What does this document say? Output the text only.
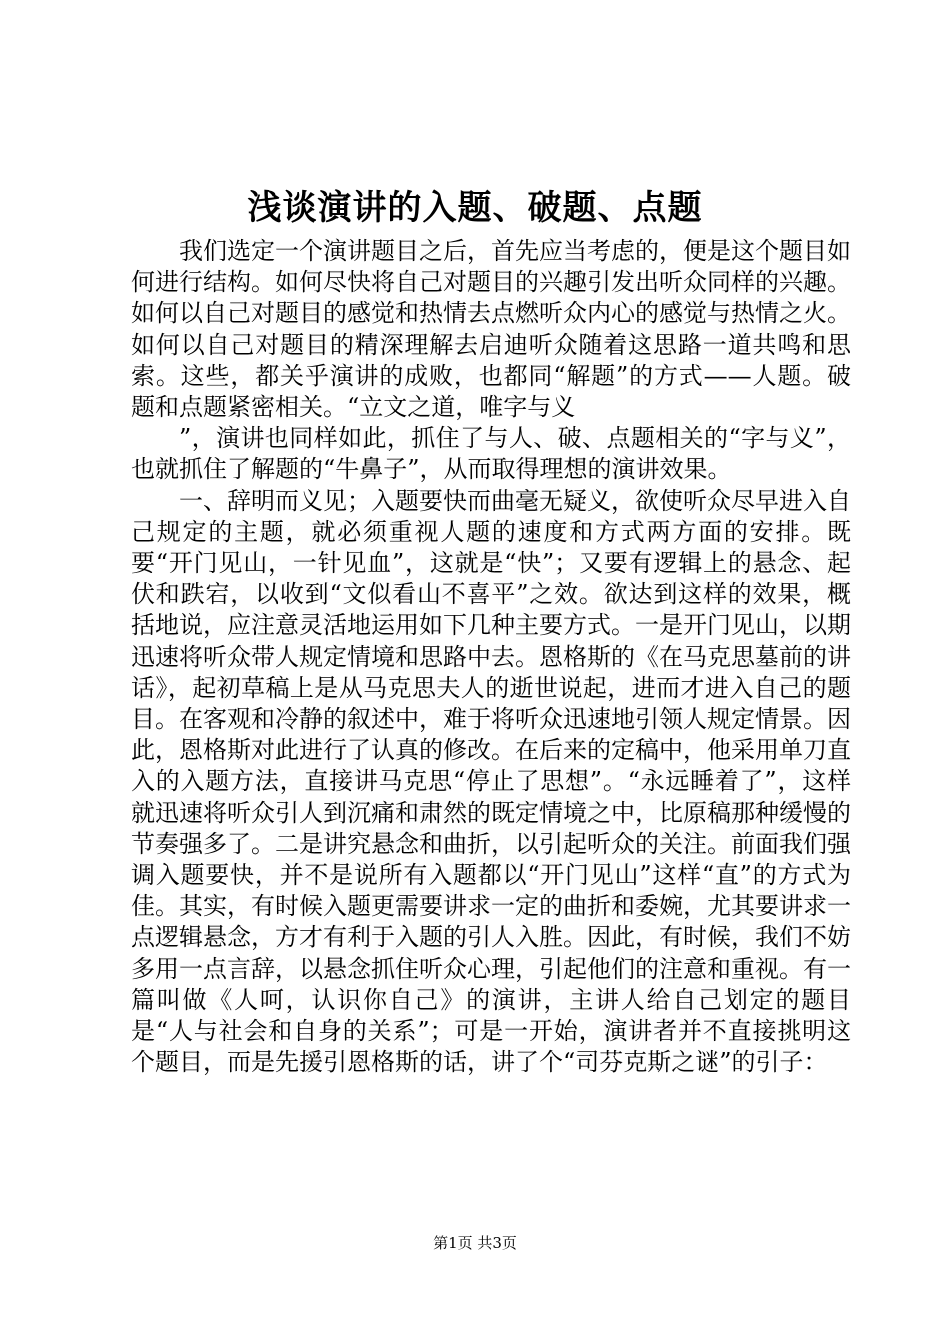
浅谈演讲的入题、破题、点题

我们选定一个演讲题目之后，首先应当考虑的，便是这个题目如何进行结构。如何尽快将自己对题目的兴趣引发出听众同样的兴趣。如何以自己对题目的感觉和热情去点燃听众内心的感觉与热情之火。如何以自己对题目的精深理解去启迪听众随着这思路一道共鸣和思索。这些，都关乎演讲的成败，也都同“解题”的方式——人题。破题和点题紧密相关。“立文之道，唯字与义

”，演讲也同样如此，抓住了与人、破、点题相关的“字与义”，也就抓住了解题的“牛鼻子”，从而取得理想的演讲效果。

一、辞明而义见；入题要快而曲毫无疑义，欲使听众尽早进入自己规定的主题，就必须重视人题的速度和方式两方面的安排。既要“开门见山，一针见血”，这就是“快”；又要有逻辑上的悬念、起伏和跌宕，以收到“文似看山不喜平”之效。欲达到这样的效果，概括地说，应注意灵活地运用如下几种主要方式。一是开门见山，以期迅速将听众带人规定情境和思路中去。恩格斯的《在马克思墓前的讲话》，起初草稿上是从马克思夫人的逝世说起，进而才进入自己的题目。在客观和冷静的叙述中，难于将听众迅速地引领人规定情景。因此，恩格斯对此进行了认真的修改。在后来的定稿中，他采用单刀直入的入题方法，直接讲马克思“停止了思想”。“永远睡着了”，这样就迅速将听众引人到沉痛和肃然的既定情境之中，比原稿那种缓慢的节奏强多了。二是讲究悬念和曲折，以引起听众的关注。前面我们强调入题要快，并不是说所有入题都以“开门见山”这样“直”的方式为佳。其实，有时候入题更需要讲求一定的曲折和委婉，尤其要讲求一点逻辑悬念，方才有利于入题的引人入胜。因此，有时候，我们不妨多用一点言辞，以悬念抓住听众心理，引起他们的注意和重视。有一篇叫做《人呵，认识你自己》的演讲，主讲人给自己划定的题目是“人与社会和自身的关系”；可是一开始，演讲者并不直接挑明这个题目，而是先援引恩格斯的话，讲了个“司芬克斯之谜”的引子：

第1页 共3页
